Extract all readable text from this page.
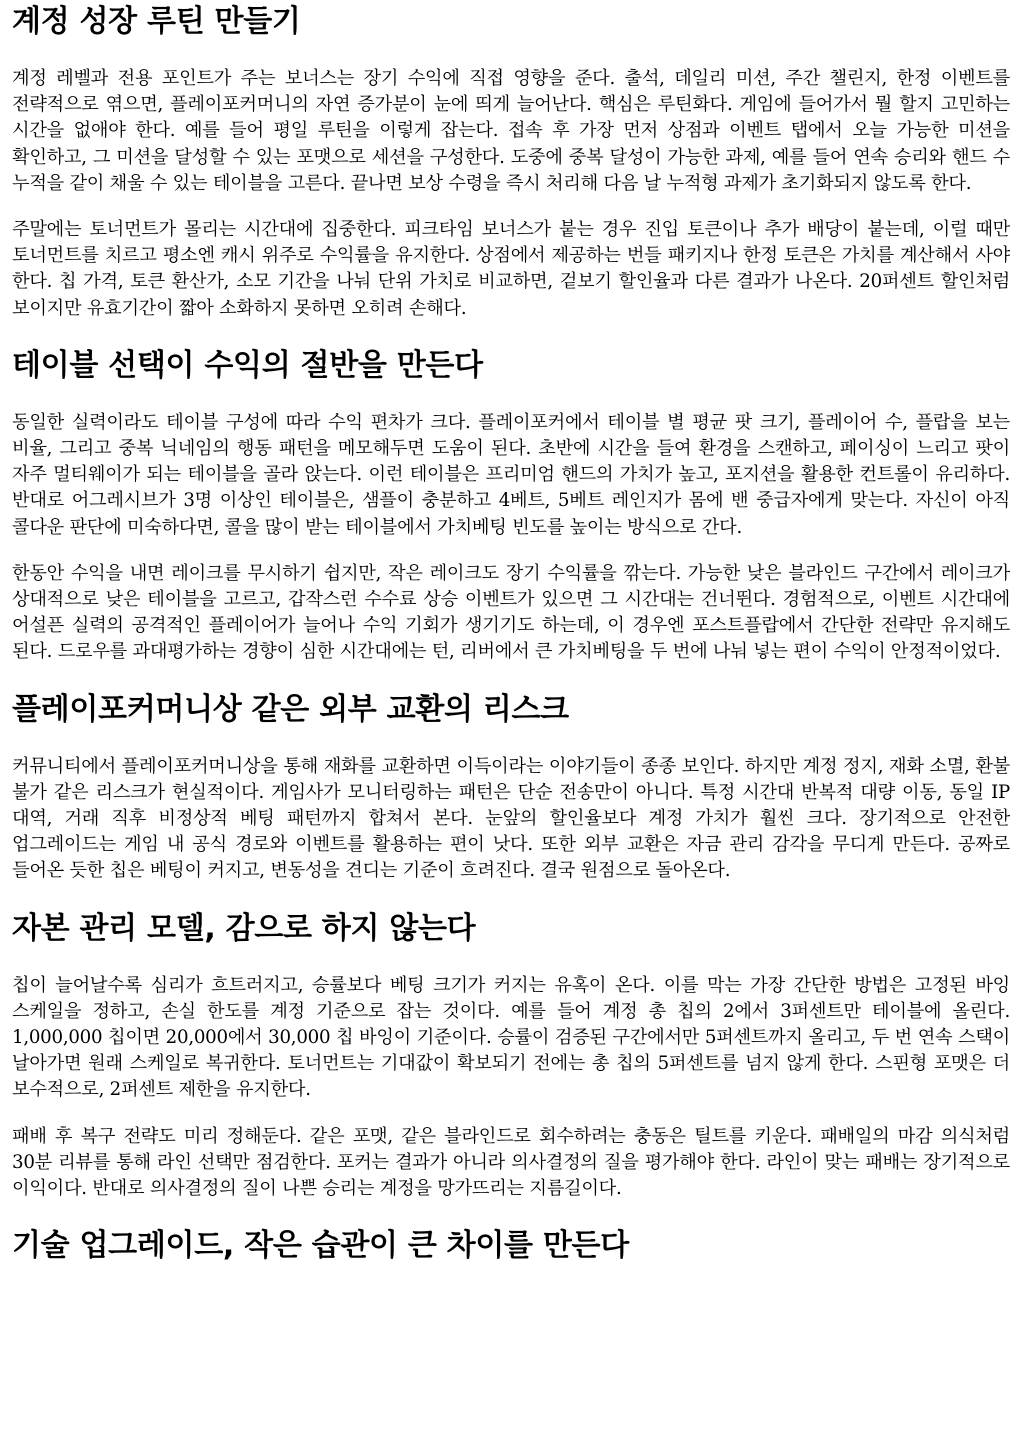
계정 성장 루틴 만들기

계정 레벨과 전용 포인트가 주는 보너스는 장기 수익에 직접 영향을 준다. 출석, 데일리 미션, 주간 챌린지, 한정 이벤트를 전략적으로 엮으면, 플레이포커머니의 자연 증가분이 눈에 띄게 늘어난다. 핵심은 루틴화다. 게임에 들어가서 뭘 할지 고민하는 시간을 없애야 한다. 예를 들어 평일 루틴을 이렇게 잡는다. 접속 후 가장 먼저 상점과 이벤트 탭에서 오늘 가능한 미션을 확인하고, 그 미션을 달성할 수 있는 포맷으로 세션을 구성한다. 도중에 중복 달성이 가능한 과제, 예를 들어 연속 승리와 핸드 수 누적을 같이 채울 수 있는 테이블을 고른다. 끝나면 보상 수령을 즉시 처리해 다음 날 누적형 과제가 초기화되지 않도록 한다.

주말에는 토너먼트가 몰리는 시간대에 집중한다. 피크타임 보너스가 붙는 경우 진입 토큰이나 추가 배당이 붙는데, 이럴 때만 토너먼트를 치르고 평소엔 캐시 위주로 수익률을 유지한다. 상점에서 제공하는 번들 패키지나 한정 토큰은 가치를 계산해서 사야 한다. 칩 가격, 토큰 환산가, 소모 기간을 나눠 단위 가치로 비교하면, 겉보기 할인율과 다른 결과가 나온다. 20퍼센트 할인처럼 보이지만 유효기간이 짧아 소화하지 못하면 오히려 손해다.

테이블 선택이 수익의 절반을 만든다

동일한 실력이라도 테이블 구성에 따라 수익 편차가 크다. 플레이포커에서 테이블 별 평균 팟 크기, 플레이어 수, 플랍을 보는 비율, 그리고 중복 닉네임의 행동 패턴을 메모해두면 도움이 된다. 초반에 시간을 들여 환경을 스캔하고, 페이싱이 느리고 팟이 자주 멀티웨이가 되는 테이블을 골라 앉는다. 이런 테이블은 프리미엄 핸드의 가치가 높고, 포지션을 활용한 컨트롤이 유리하다. 반대로 어그레시브가 3명 이상인 테이블은, 샘플이 충분하고 4베트, 5베트 레인지가 몸에 밴 중급자에게 맞는다. 자신이 아직 콜다운 판단에 미숙하다면, 콜을 많이 받는 테이블에서 가치베팅 빈도를 높이는 방식으로 간다.

한동안 수익을 내면 레이크를 무시하기 쉽지만, 작은 레이크도 장기 수익률을 깎는다. 가능한 낮은 블라인드 구간에서 레이크가 상대적으로 낮은 테이블을 고르고, 갑작스런 수수료 상승 이벤트가 있으면 그 시간대는 건너뛴다. 경험적으로, 이벤트 시간대에 어설픈 실력의 공격적인 플레이어가 늘어나 수익 기회가 생기기도 하는데, 이 경우엔 포스트플랍에서 간단한 전략만 유지해도 된다. 드로우를 과대평가하는 경향이 심한 시간대에는 턴, 리버에서 큰 가치베팅을 두 번에 나눠 넣는 편이 수익이 안정적이었다.

플레이포커머니상 같은 외부 교환의 리스크

커뮤니티에서 플레이포커머니상을 통해 재화를 교환하면 이득이라는 이야기들이 종종 보인다. 하지만 계정 정지, 재화 소멸, 환불 불가 같은 리스크가 현실적이다. 게임사가 모니터링하는 패턴은 단순 전송만이 아니다. 특정 시간대 반복적 대량 이동, 동일 IP 대역, 거래 직후 비정상적 베팅 패턴까지 합쳐서 본다. 눈앞의 할인율보다 계정 가치가 훨씬 크다. 장기적으로 안전한 업그레이드는 게임 내 공식 경로와 이벤트를 활용하는 편이 낫다. 또한 외부 교환은 자금 관리 감각을 무디게 만든다. 공짜로 들어온 듯한 칩은 베팅이 커지고, 변동성을 견디는 기준이 흐려진다. 결국 원점으로 돌아온다.

자본 관리 모델, 감으로 하지 않는다

칩이 늘어날수록 심리가 흐트러지고, 승률보다 베팅 크기가 커지는 유혹이 온다. 이를 막는 가장 간단한 방법은 고정된 바잉 스케일을 정하고, 손실 한도를 계정 기준으로 잡는 것이다. 예를 들어 계정 총 칩의 2에서 3퍼센트만 테이블에 올린다. 1,000,000 칩이면 20,000에서 30,000 칩 바잉이 기준이다. 승률이 검증된 구간에서만 5퍼센트까지 올리고, 두 번 연속 스택이 날아가면 원래 스케일로 복귀한다. 토너먼트는 기대값이 확보되기 전에는 총 칩의 5퍼센트를 넘지 않게 한다. 스핀형 포맷은 더 보수적으로, 2퍼센트 제한을 유지한다.

패배 후 복구 전략도 미리 정해둔다. 같은 포맷, 같은 블라인드로 회수하려는 충동은 틸트를 키운다. 패배일의 마감 의식처럼 30분 리뷰를 통해 라인 선택만 점검한다. 포커는 결과가 아니라 의사결정의 질을 평가해야 한다. 라인이 맞는 패배는 장기적으로 이익이다. 반대로 의사결정의 질이 나쁜 승리는 계정을 망가뜨리는 지름길이다.

기술 업그레이드, 작은 습관이 큰 차이를 만든다
